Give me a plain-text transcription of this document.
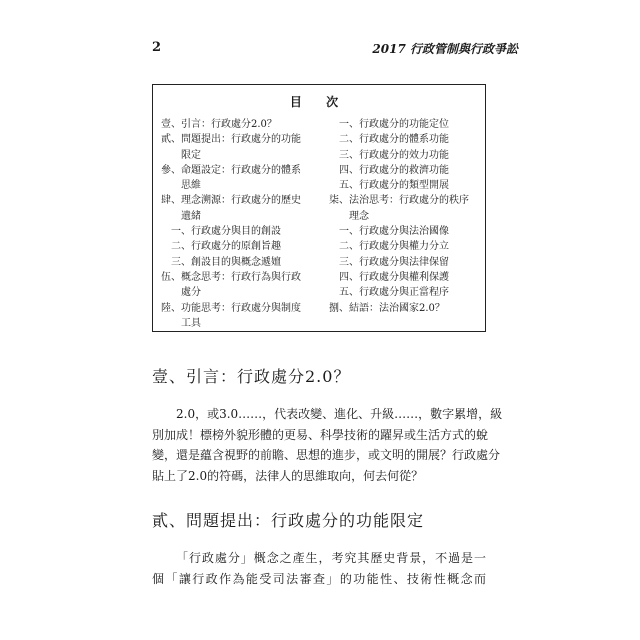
2	2017 行政管制與行政爭訟
目 次
壹、引言：行政處分2.0？
貳、問題提出：行政處分的功能
　　限定
參、命題設定：行政處分的體系
　　思維
肆、理念溯源：行政處分的歷史
　　遺緒
　一、行政處分與目的創設
　二、行政處分的原創旨趣
　三、創設目的與概念遞嬗
伍、概念思考：行政行為與行政
　　處分
陸、功能思考：行政處分與制度
　　工具
　一、行政處分的功能定位
　二、行政處分的體系功能
　三、行政處分的效力功能
　四、行政處分的救濟功能
　五、行政處分的類型開展
柒、法治思考：行政處分的秩序
　　理念
　一、行政處分與法治國像
　二、行政處分與權力分立
　三、行政處分與法律保留
　四、行政處分與權利保護
　五、行政處分與正當程序
捌、結語：法治國家2.0？
壹、引言：行政處分2.0？
2.0，或3.0……，代表改變、進化、升級……，數字累增，級
別加成！標榜外貌形體的更易、科學技術的躍昇或生活方式的蛻
變，還是蘊含視野的前瞻、思想的進步，或文明的開展？行政處分
貼上了2.0的符碼，法律人的思維取向，何去何從？
貳、問題提出：行政處分的功能限定
「行政處分」概念之產生，考究其歷史背景，不過是一
個「讓行政作為能受司法審查」的功能性、技術性概念而
